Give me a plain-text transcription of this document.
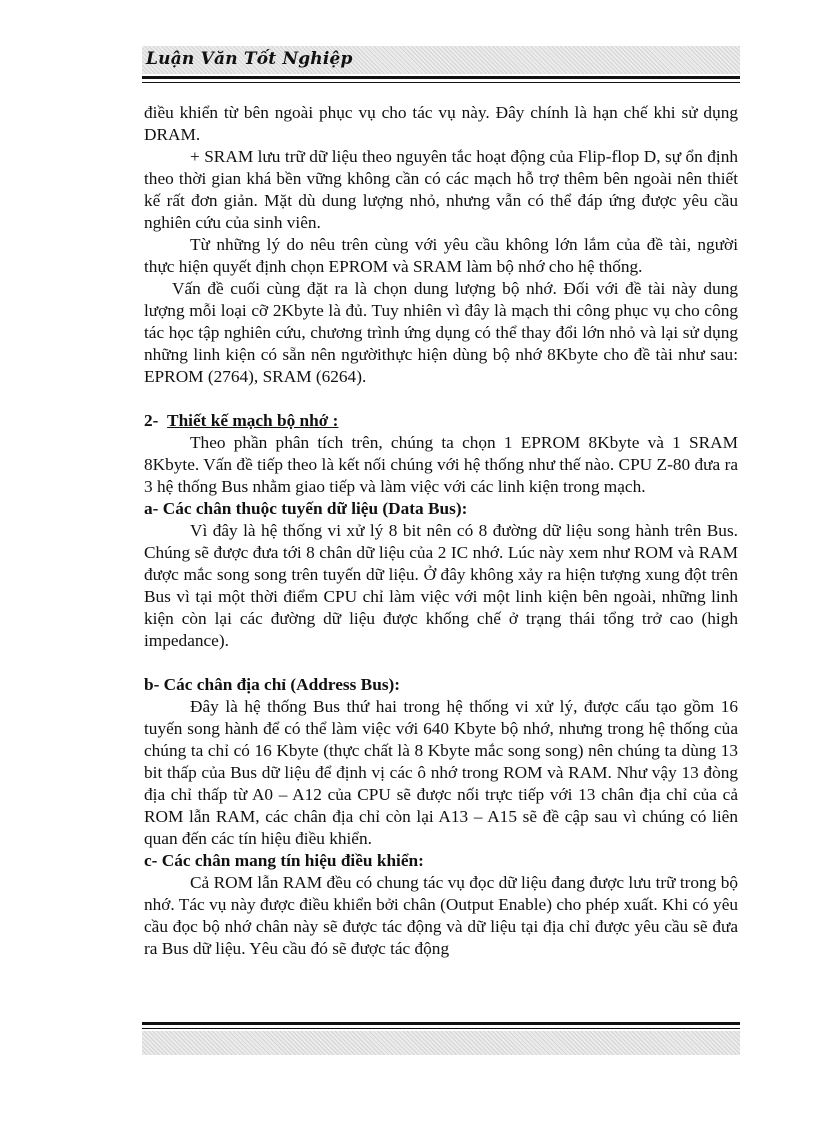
Luận Văn Tốt Nghiệp

điều khiển từ bên ngoài phục vụ cho tác vụ này. Đây chính là hạn chế khi sử dụng DRAM.

+ SRAM lưu trữ dữ liệu theo nguyên tắc hoạt động của Flip-flop D, sự ổn định theo thời gian khá bền vững không cần có các mạch hỗ trợ thêm bên ngoài nên thiết kế rất đơn giản. Mặt dù dung lượng nhỏ, nhưng vẫn có thể đáp ứng được yêu cầu nghiên cứu của sinh viên.

Từ những lý do nêu trên cùng với yêu cầu không lớn lắm của đề tài, người thực hiện quyết định chọn EPROM và SRAM làm bộ nhớ cho hệ thống.

Vấn đề cuối cùng đặt ra là chọn dung lượng bộ nhớ. Đối với đề tài này dung lượng mỗi loại cỡ 2Kbyte là đủ. Tuy nhiên vì đây là mạch thi công phục vụ cho công tác học tập nghiên cứu, chương trình ứng dụng có thể thay đổi lớn nhỏ và lại sử dụng những linh kiện có sẵn nên ngườithực hiện dùng bộ nhớ 8Kbyte cho đề tài như sau: EPROM (2764), SRAM (6264).

2- Thiết kế mạch bộ nhớ :

Theo phần phân tích trên, chúng ta chọn 1 EPROM 8Kbyte và 1 SRAM 8Kbyte. Vấn đề tiếp theo là kết nối chúng với hệ thống như thế nào. CPU Z-80 đưa ra 3 hệ thống Bus nhằm giao tiếp và làm việc với các linh kiện trong mạch.

a- Các chân thuộc tuyến dữ liệu (Data Bus):

Vì đây là hệ thống vi xử lý 8 bit nên có 8 đường dữ liệu song hành trên Bus. Chúng sẽ được đưa tới 8 chân dữ liệu của 2 IC nhớ. Lúc này xem như ROM và RAM được mắc song song trên tuyến dữ liệu. Ở đây không xảy ra hiện tượng xung đột trên Bus vì tại một thời điểm CPU chỉ làm việc với một linh kiện bên ngoài, những linh kiện còn lại các đường dữ liệu được khống chế ở trạng thái tổng trở cao (high impedance).

b- Các chân địa chỉ (Address Bus):

Đây là hệ thống Bus thứ hai trong hệ thống vi xử lý, được cấu tạo gồm 16 tuyến song hành để có thể làm việc với 640 Kbyte bộ nhớ, nhưng trong hệ thống của chúng ta chỉ có 16 Kbyte (thực chất là 8 Kbyte mắc song song) nên chúng ta dùng 13 bit thấp của Bus dữ liệu để định vị các ô nhớ trong ROM và RAM. Như vậy 13 đòng địa chỉ thấp từ A0 – A12 của CPU sẽ được nối trực tiếp với 13 chân địa chỉ của cả ROM lẫn RAM, các chân địa chỉ còn lại A13 – A15 sẽ đề cập sau vì chúng có liên quan đến các tín hiệu điều khiển.

c- Các chân mang tín hiệu điều khiển:

Cả ROM lẫn RAM đều có chung tác vụ đọc dữ liệu đang được lưu trữ trong bộ nhớ. Tác vụ này được điều khiển bởi chân (Output Enable) cho phép xuất. Khi có yêu cầu đọc bộ nhớ chân này sẽ được tác động và dữ liệu tại địa chỉ được yêu cầu sẽ đưa ra Bus dữ liệu. Yêu cầu đó sẽ được tác động
